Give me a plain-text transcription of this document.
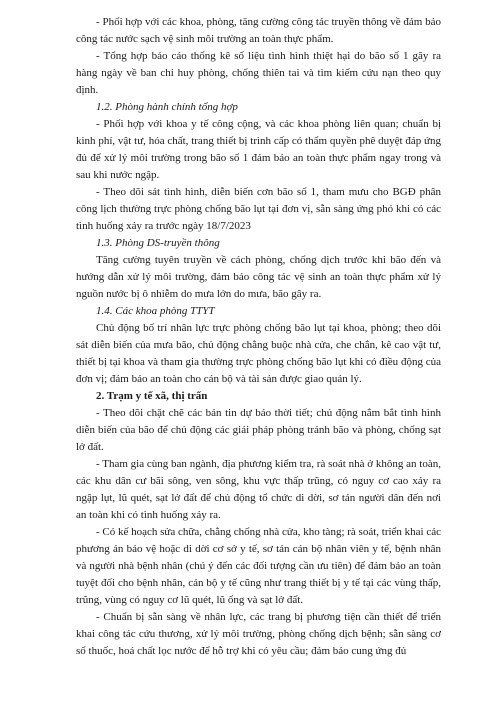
- Phối hợp với các khoa, phòng, tăng cường công tác truyền thông về đảm bảo công tác nước sạch vệ sinh môi trường an toàn thực phẩm.

- Tổng hợp báo cáo thống kê số liệu tình hình thiệt hại do bão số 1 gây ra hàng ngày về ban chỉ huy phòng, chống thiên tai và tìm kiếm cứu nạn theo quy định.

1.2. Phòng hành chính tổng hợp

- Phối hợp với khoa y tế công cộng, và các khoa phòng liên quan; chuẩn bị kinh phí, vật tư, hóa chất, trang thiết bị trình cấp có thẩm quyền phê duyệt đáp ứng đủ để xử lý môi trường trong bão số 1 đảm bảo an toàn thực phẩm ngay trong và sau khi nước ngập.

- Theo dõi sát tình hình, diễn biến cơn bão số 1, tham mưu cho BGĐ phân công lịch thường trực phòng chống bão lụt tại đơn vị, sẵn sàng ứng phó khi có các tình huống xảy ra trước ngày 18/7/2023

1.3. Phòng DS-truyền thông

Tăng cường tuyên truyền về cách phòng, chống dịch trước khi bão đến và hướng dẫn xử lý môi trường, đảm bảo công tác vệ sinh an toàn thực phẩm xử lý nguồn nước bị ô nhiễm do mưa lớn do mưa, bão gây ra.

1.4. Các khoa phòng TTYT

Chủ động bố trí nhân lực trực phòng chống bão lụt tại khoa, phòng; theo dõi sát diễn biến của mưa bão, chủ động chằng buộc nhà cửa, che chắn, kê cao vật tư, thiết bị tại khoa và tham gia thường trực phòng chống bão lụt khi có điều động của đơn vị; đảm bảo an toàn cho cán bộ và tài sản được giao quản lý.

2. Trạm y tế xã, thị trấn

- Theo dõi chặt chẽ các bản tin dự báo thời tiết; chủ động nắm bắt tình hình diễn biến của bão để chủ động các giải pháp phòng tránh bão và phòng, chống sạt lở đất.

- Tham gia cùng ban ngành, địa phương kiểm tra, rà soát nhà ở không an toàn, các khu dân cư bãi sông, ven sông, khu vực thấp trũng, có nguy cơ cao xảy ra ngập lụt, lũ quét, sạt lở đất để chủ động tổ chức di dời, sơ tán người dân đến nơi an toàn khi có tình huống xảy ra.

- Có kế hoạch sửa chữa, chằng chống nhà cửa, kho tàng; rà soát, triển khai các phương án bảo vệ hoặc di dời cơ sở y tế, sơ tán cán bộ nhân viên y tế, bệnh nhân và người nhà bệnh nhân (chú ý đến các đối tượng cần ưu tiên) để đảm bảo an toàn tuyệt đối cho bệnh nhân, cán bộ y tế cũng như trang thiết bị y tế tại các vùng thấp, trũng, vùng có nguy cơ lũ quét, lũ ống và sạt lở đất.

- Chuẩn bị sẵn sàng về nhân lực, các trang bị phương tiện cần thiết để triển khai công tác cứu thương, xử lý môi trường, phòng chống dịch bệnh; sẵn sàng cơ số thuốc, hoá chất lọc nước để hỗ trợ khi có yêu cầu; đảm bảo cung ứng đủ
